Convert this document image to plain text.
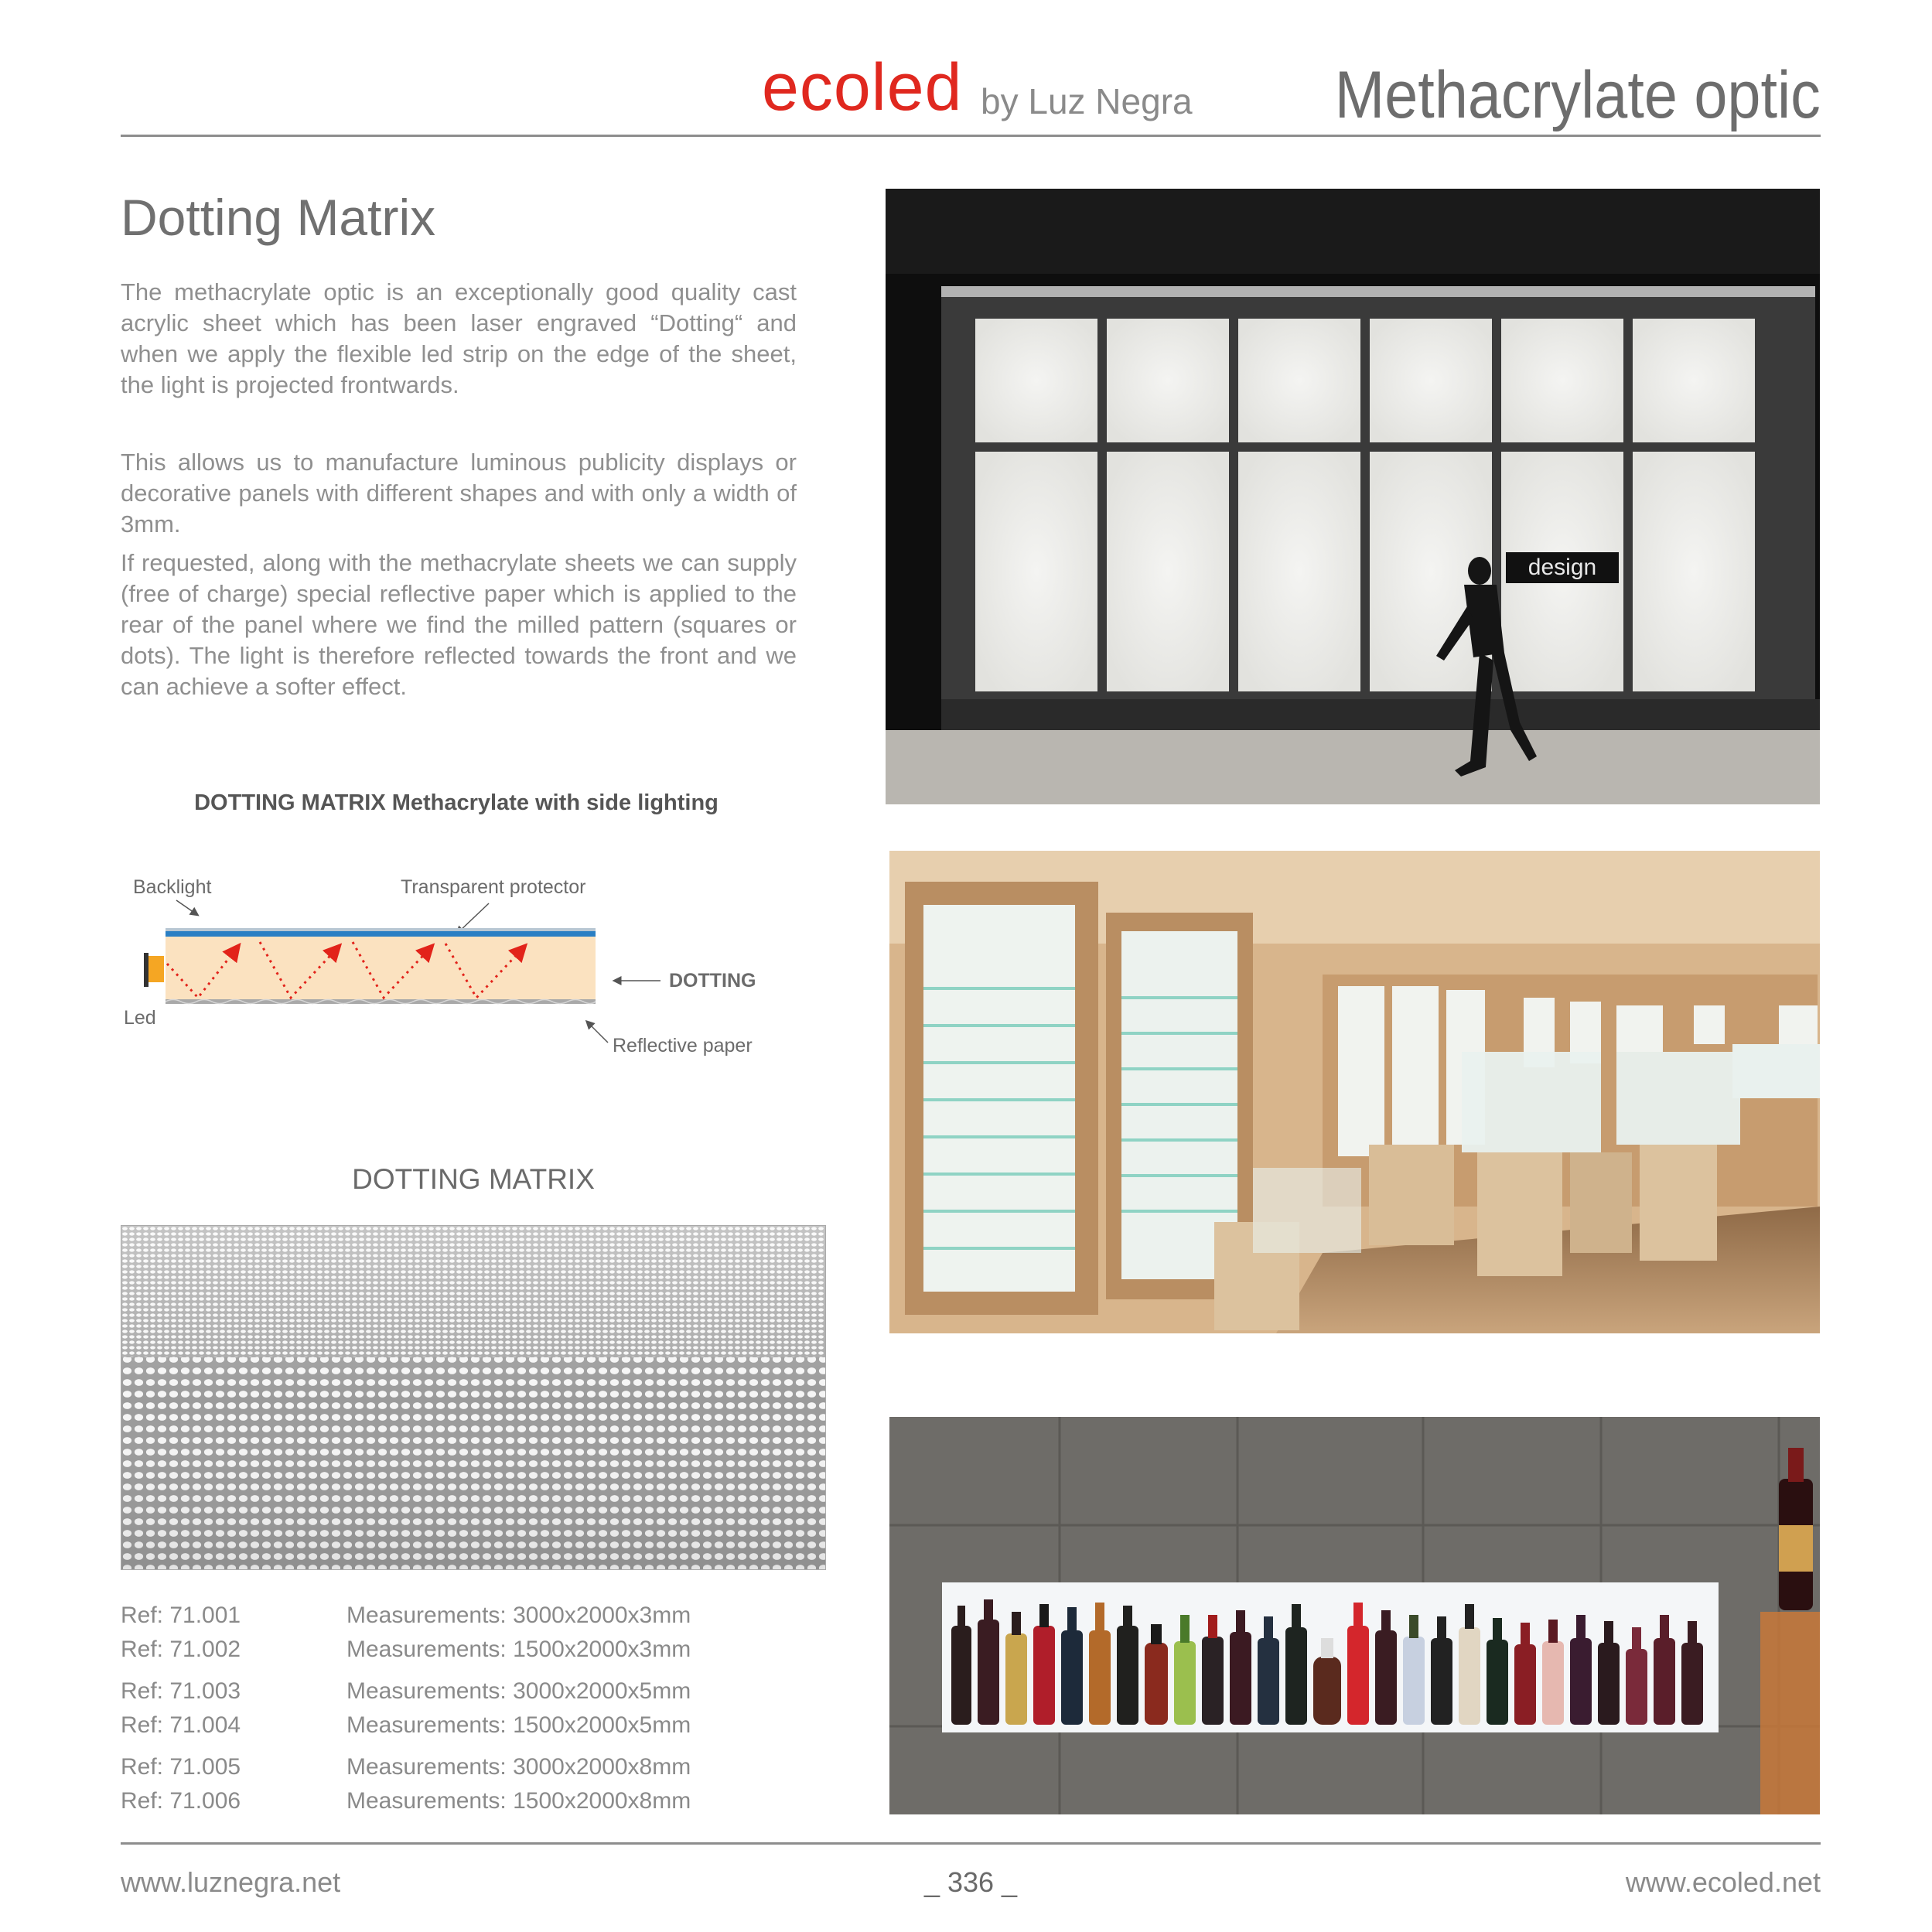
ecoled by Luz Negra Methacrylate optic
Dotting Matrix
The methacrylate optic is an exceptionally good quality cast acrylic sheet which has been laser engraved “Dotting“ and when we apply the flexible led strip on the edge of the sheet, the light is projected frontwards.
This allows us to manufacture luminous publicity displays or decorative panels with different shapes and with only a width of 3mm.
If requested, along with the methacrylate sheets we can supply (free of charge) special reflective paper which is applied to the rear of the panel where we find the milled pattern (squares or dots). The light is therefore reflected towards the front and we can achieve a softer effect.
DOTTING MATRIX Methacrylate with side lighting
Backlight	Transparent protector
DOTTING
Led
Reflective paper
DOTTING MATRIX
Ref: 71.001	Measurements: 3000x2000x3mm
Ref: 71.002	Measurements: 1500x2000x3mm
Ref: 71.003	Measurements: 3000x2000x5mm
Ref: 71.004	Measurements: 1500x2000x5mm
Ref: 71.005	Measurements: 3000x2000x8mm
Ref: 71.006	Measurements: 1500x2000x8mm
design
www.luznegra.net	_ 336 _	www.ecoled.net
